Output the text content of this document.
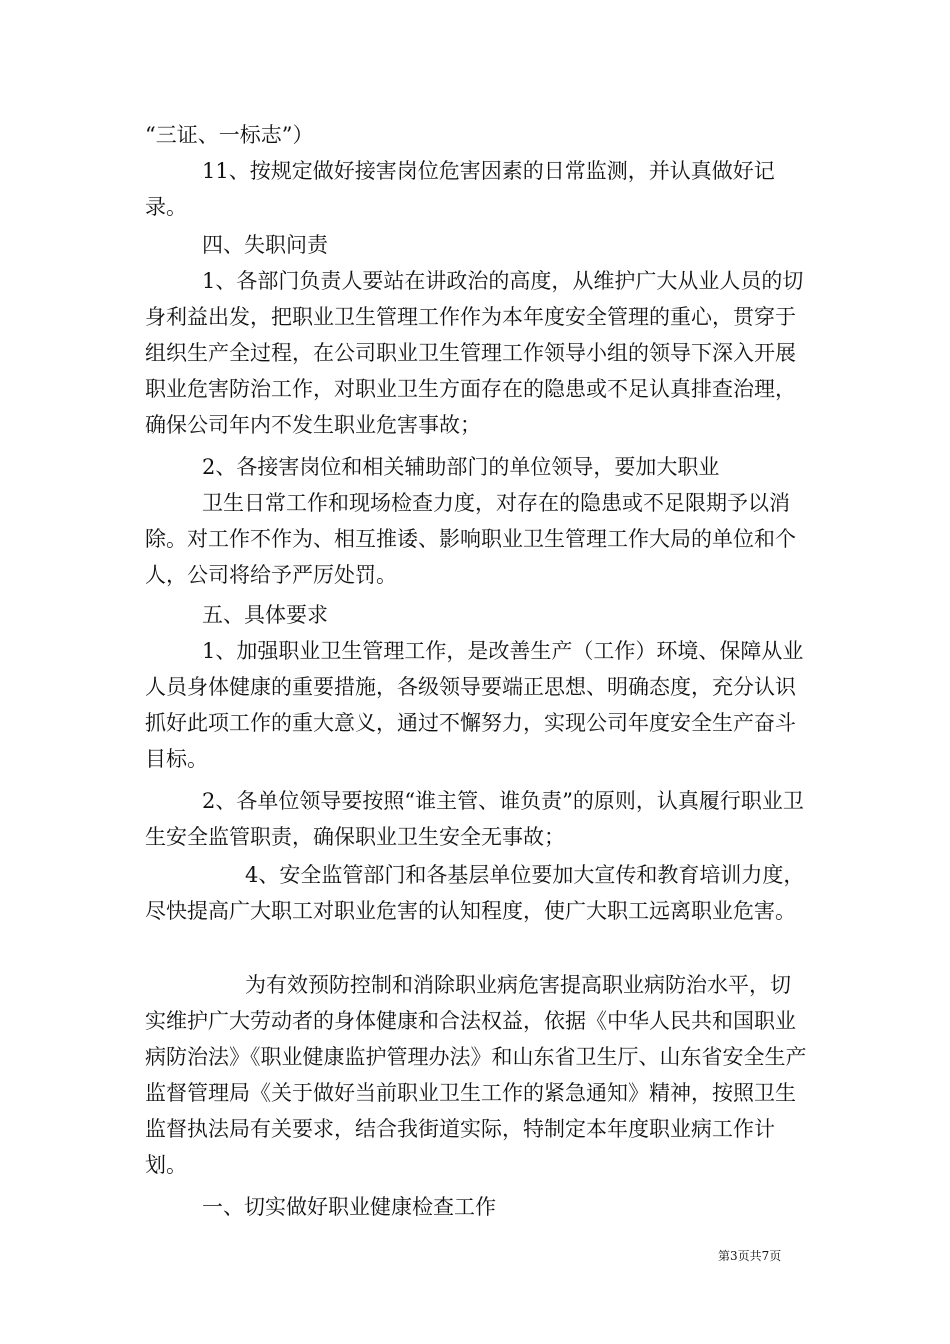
“三证、一标志”）

11、按规定做好接害岗位危害因素的日常监测，并认真做好记录。

四、失职问责

1、各部门负责人要站在讲政治的高度，从维护广大从业人员的切身利益出发，把职业卫生管理工作作为本年度安全管理的重心，贯穿于组织生产全过程，在公司职业卫生管理工作领导小组的领导下深入开展职业危害防治工作，对职业卫生方面存在的隐患或不足认真排查治理，确保公司年内不发生职业危害事故；

2、各接害岗位和相关辅助部门的单位领导，要加大职业

卫生日常工作和现场检查力度，对存在的隐患或不足限期予以消除。对工作不作为、相互推诿、影响职业卫生管理工作大局的单位和个人，公司将给予严厉处罚。

五、具体要求

1、加强职业卫生管理工作，是改善生产（工作）环境、保障从业人员身体健康的重要措施，各级领导要端正思想、明确态度，充分认识抓好此项工作的重大意义，通过不懈努力，实现公司年度安全生产奋斗目标。

2、各单位领导要按照“谁主管、谁负责”的原则，认真履行职业卫生安全监管职责，确保职业卫生安全无事故；

4、安全监管部门和各基层单位要加大宣传和教育培训力度，尽快提高广大职工对职业危害的认知程度，使广大职工远离职业危害。

为有效预防控制和消除职业病危害提高职业病防治水平，切实维护广大劳动者的身体健康和合法权益，依据《中华人民共和国职业病防治法》《职业健康监护管理办法》和山东省卫生厅、山东省安全生产监督管理局《关于做好当前职业卫生工作的紧急通知》精神，按照卫生监督执法局有关要求，结合我街道实际，特制定本年度职业病工作计划。

一、切实做好职业健康检查工作

第3页共7页
